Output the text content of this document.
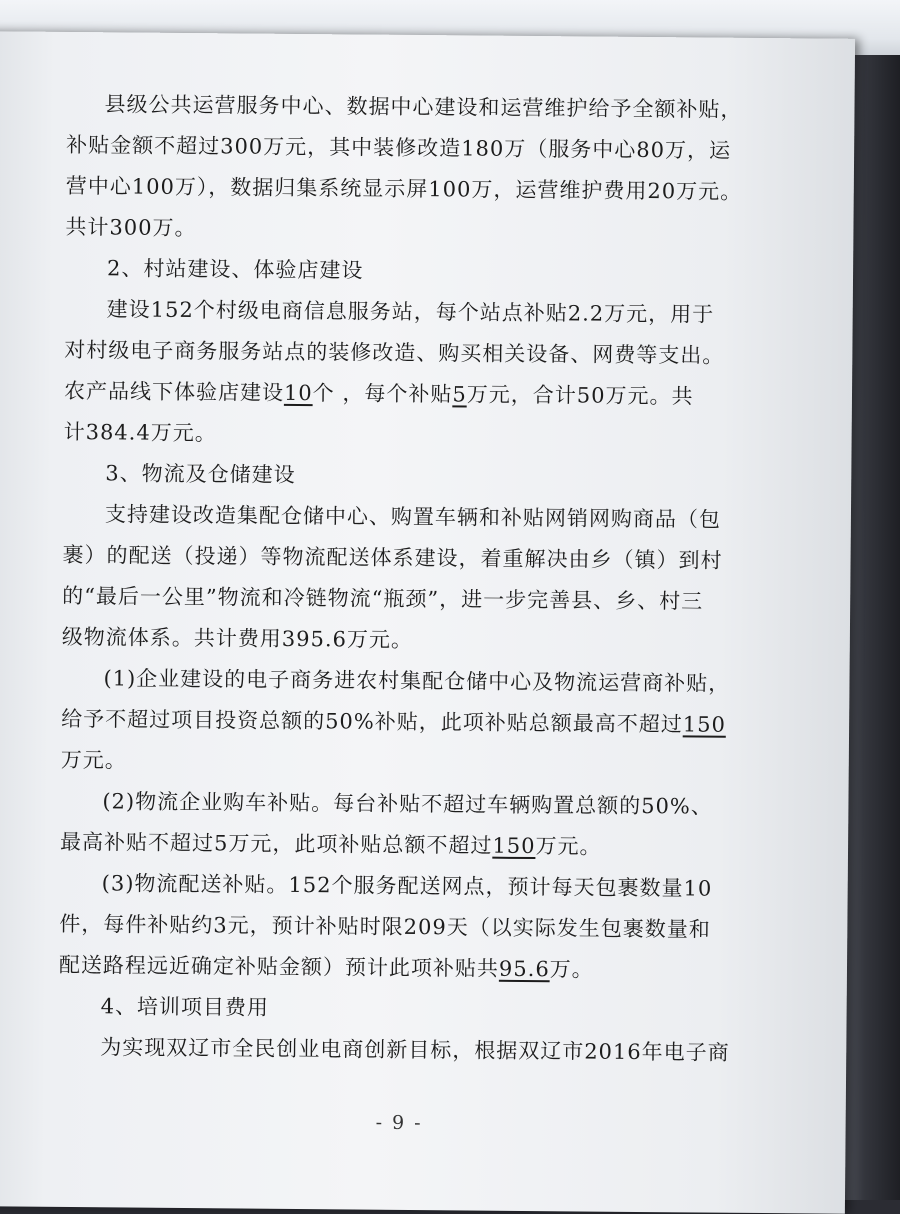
县级公共运营服务中心、数据中心建设和运营维护给予全额补贴，
补贴金额不超过300万元，其中装修改造180万（服务中心80万，运
营中心100万），数据归集系统显示屏100万，运营维护费用20万元。
共计300万。
2、村站建设、体验店建设
建设152个村级电商信息服务站，每个站点补贴2.2万元，用于
对村级电子商务服务站点的装修改造、购买相关设备、网费等支出。
农产品线下体验店建设10个 ，每个补贴5万元，合计50万元。共
计384.4万元。
3、物流及仓储建设
支持建设改造集配仓储中心、购置车辆和补贴网销网购商品（包
裹）的配送（投递）等物流配送体系建设，着重解决由乡（镇）到村
的“最后一公里”物流和冷链物流“瓶颈”，进一步完善县、乡、村三
级物流体系。共计费用395.6万元。
(1)企业建设的电子商务进农村集配仓储中心及物流运营商补贴，
给予不超过项目投资总额的50%补贴，此项补贴总额最高不超过150
万元。
(2)物流企业购车补贴。每台补贴不超过车辆购置总额的50%、
最高补贴不超过5万元，此项补贴总额不超过150万元。
(3)物流配送补贴。152个服务配送网点，预计每天包裹数量10
件，每件补贴约3元，预计补贴时限209天（以实际发生包裹数量和
配送路程远近确定补贴金额）预计此项补贴共95.6万。
4、培训项目费用
为实现双辽市全民创业电商创新目标，根据双辽市2016年电子商
- 9 -
